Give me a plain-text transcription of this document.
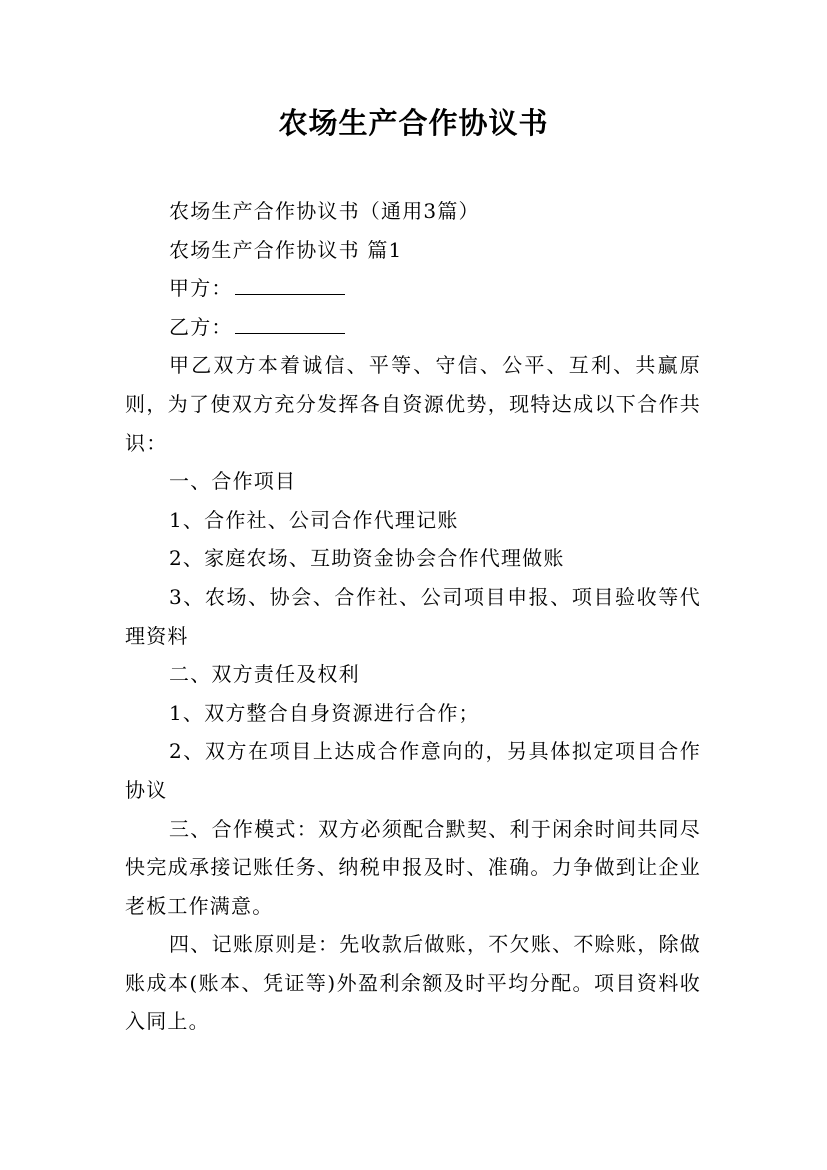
农场生产合作协议书

农场生产合作协议书（通用3篇）

农场生产合作协议书 篇1

甲方：

乙方：

甲乙双方本着诚信、平等、守信、公平、互利、共赢原则，为了使双方充分发挥各自资源优势，现特达成以下合作共识：

一、合作项目

1、合作社、公司合作代理记账

2、家庭农场、互助资金协会合作代理做账

3、农场、协会、合作社、公司项目申报、项目验收等代理资料

二、双方责任及权利

1、双方整合自身资源进行合作；

2、双方在项目上达成合作意向的，另具体拟定项目合作协议

三、合作模式：双方必须配合默契、利于闲余时间共同尽快完成承接记账任务、纳税申报及时、准确。力争做到让企业老板工作满意。

四、记账原则是：先收款后做账，不欠账、不赊账，除做账成本(账本、凭证等)外盈利余额及时平均分配。项目资料收入同上。
